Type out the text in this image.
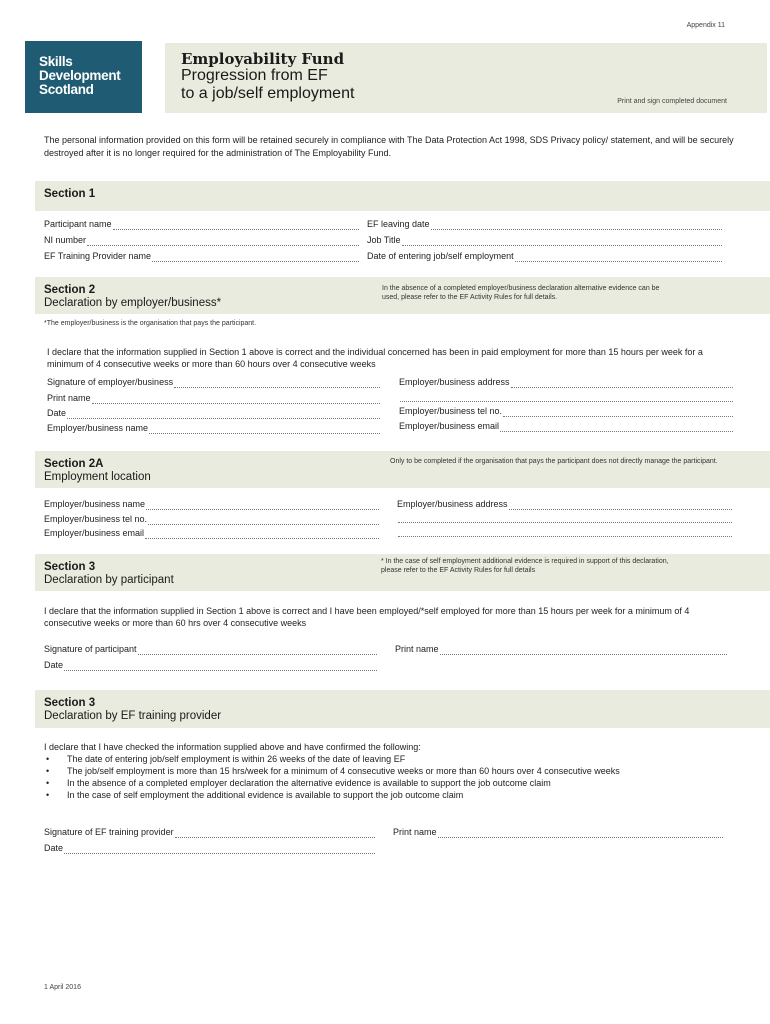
Appendix 11
Skills
Development
Scotland
Employability Fund
Progression from EF
to a job/self employment	Print and sign completed document
The personal information provided on this form will be retained securely in compliance with The Data Protection Act 1998, SDS Privacy policy/ statement, and will be securely destroyed after it is no longer required for the administration of The Employability Fund.
Section 1
Participant name
NI number
EF Training Provider name
EF leaving date
Job Title
Date of entering job/self employment
Section 2
Declaration by employer/business*
In the absence of a completed employer/business declaration alternative evidence can be used, please refer to the EF Activity Rules for full details.
*The employer/business is the organisation that pays the participant.
I declare that the information supplied in Section 1 above is correct and the individual concerned has been in paid employment for more than 15 hours per week for a minimum of 4 consecutive weeks or more than 60 hours over 4 consecutive weeks
Signature of employer/business
Print name
Date
Employer/business name
Employer/business address
Employer/business tel no.
Employer/business email
Section 2A
Employment location
Only to be completed if the organisation that pays the participant does not directly manage the participant.
Employer/business name
Employer/business tel no.
Employer/business email
Employer/business address
Section 3
Declaration by participant
* In the case of self employment additional evidence is required in support of this declaration, please refer to the EF Activity Rules for full details
I declare that the information supplied in Section 1 above is correct and I have been employed/*self employed for more than 15 hours per week for a minimum of 4 consecutive weeks or more than 60 hrs over 4 consecutive weeks
Signature of participant
Date
Print name
Section 3
Declaration by EF training provider
I declare that I have checked the information supplied above and have confirmed the following:
• The date of entering job/self employment is within 26 weeks of the date of leaving EF
• The job/self employment is more than 15 hrs/week for a minimum of 4 consecutive weeks or more than 60 hours over 4 consecutive weeks
• In the absence of a completed employer declaration the alternative evidence is available to support the job outcome claim
• In the case of self employment the additional evidence is available to support the job outcome claim
Signature of EF training provider
Date
Print name
1 April 2016
